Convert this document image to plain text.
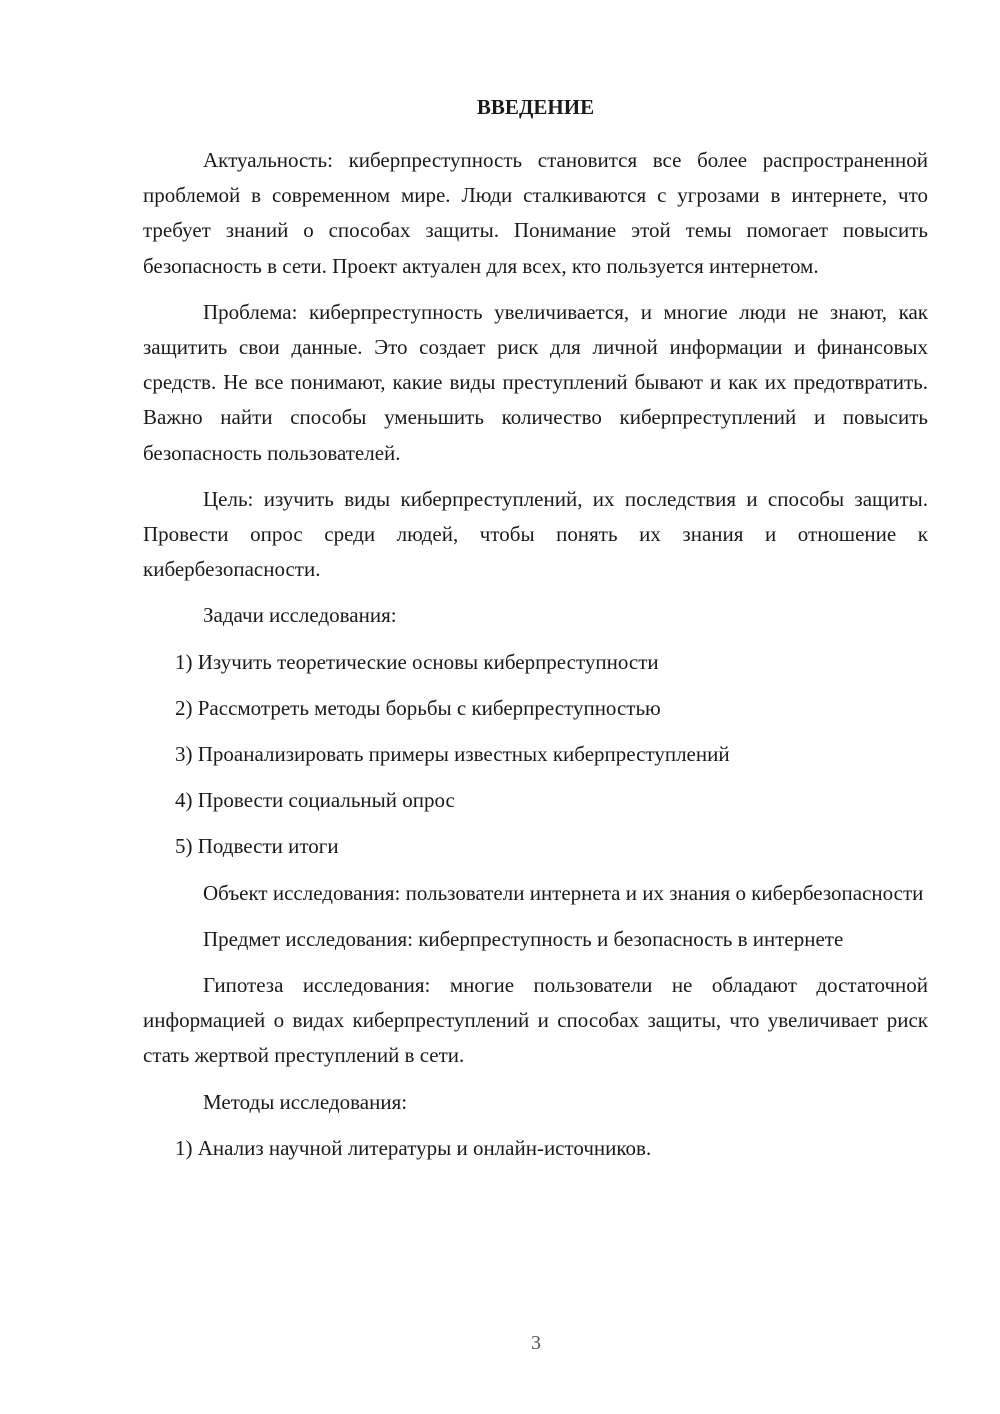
ВВЕДЕНИЕ

Актуальность: киберпреступность становится все более распространенной проблемой в современном мире. Люди сталкиваются с угрозами в интернете, что требует знаний о способах защиты. Понимание этой темы помогает повысить безопасность в сети. Проект актуален для всех, кто пользуется интернетом.

Проблема: киберпреступность увеличивается, и многие люди не знают, как защитить свои данные. Это создает риск для личной информации и финансовых средств. Не все понимают, какие виды преступлений бывают и как их предотвратить. Важно найти способы уменьшить количество киберпреступлений и повысить безопасность пользователей.

Цель: изучить виды киберпреступлений, их последствия и способы защиты. Провести опрос среди людей, чтобы понять их знания и отношение к кибербезопасности.

Задачи исследования:

1) Изучить теоретические основы киберпреступности

2) Рассмотреть методы борьбы с киберпреступностью

3) Проанализировать примеры известных киберпреступлений

4) Провести социальный опрос

5) Подвести итоги

Объект исследования: пользователи интернета и их знания о кибербезопасности

Предмет исследования: киберпреступность и безопасность в интернете

Гипотеза исследования: многие пользователи не обладают достаточной информацией о видах киберпреступлений и способах защиты, что увеличивает риск стать жертвой преступлений в сети.

Методы исследования:

1) Анализ научной литературы и онлайн-источников.

3
